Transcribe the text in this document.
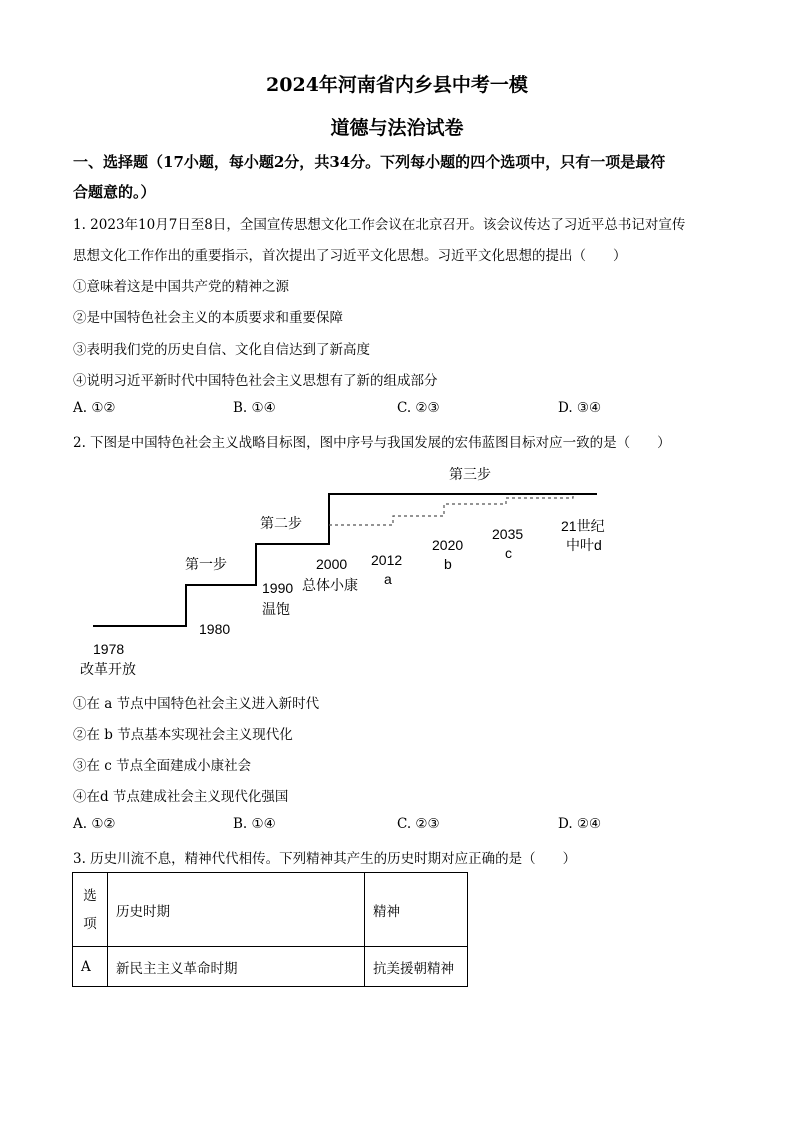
2024年河南省内乡县中考一模
道德与法治试卷
一、选择题（17小题，每小题2分，共34分。下列每小题的四个选项中，只有一项是最符
合题意的。）
1. 2023年10月7日至8日，全国宣传思想文化工作会议在北京召开。该会议传达了习近平总书记对宣传
思想文化工作作出的重要指示，首次提出了习近平文化思想。习近平文化思想的提出（　　）
①意味着这是中国共产党的精神之源
②是中国特色社会主义的本质要求和重要保障
③表明我们党的历史自信、文化自信达到了新高度
④说明习近平新时代中国特色社会主义思想有了新的组成部分
A. ①②	B. ①④	C. ②③	D. ③④
2. 下图是中国特色社会主义战略目标图，图中序号与我国发展的宏伟蓝图目标对应一致的是（　　）
第三步
第二步
第一步
1978
改革开放
1980
1990
温饱
2000
总体小康
2012
a
2020
b
2035
c
21世纪
中叶d
①在 a 节点中国特色社会主义进入新时代
②在 b 节点基本实现社会主义现代化
③在 c 节点全面建成小康社会
④在d 节点建成社会主义现代化强国
A. ①②	B. ①④	C. ②③	D. ②④
3. 历史川流不息，精神代代相传。下列精神其产生的历史时期对应正确的是（　　）
选
项	历史时期	精神
A	新民主主义革命时期	抗美援朝精神
